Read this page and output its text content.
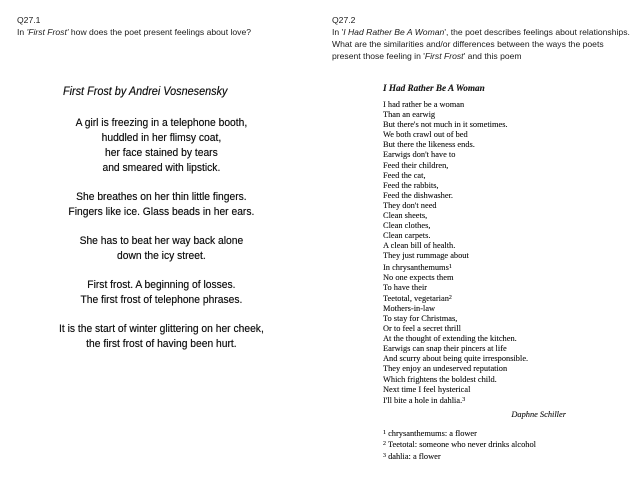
Q27.1
In 'First Frost' how does the poet present feelings about love?
Q27.2
In 'I Had Rather Be A Woman', the poet describes feelings about relationships. What are the similarities and/or differences between the ways the poets present those feeling in 'First Frost' and this poem
First Frost by Andrei Vosnesensky
A girl is freezing in a telephone booth,
huddled in her flimsy coat,
her face stained by tears
and smeared with lipstick.
She breathes on her thin little fingers.
Fingers like ice. Glass beads in her ears.
She has to beat her way back alone
down the icy street.
First frost. A beginning of losses.
The first frost of telephone phrases.
It is the start of winter glittering on her cheek,
the first frost of having been hurt.
I Had Rather Be A Woman
I had rather be a woman
Than an earwig
But there's not much in it sometimes.
We both crawl out of bed
But there the likeness ends.
Earwigs don't have to
Feed their children,
Feed the cat,
Feed the rabbits,
Feed the dishwasher.
They don't need
Clean sheets,
Clean clothes,
Clean carpets.
A clean bill of health.
They just rummage about
In chrysanthemums$^1$
No one expects them
To have their
Teetotal, vegetarian$^2$
Mothers-in-law
To stay for Christmas,
Or to feel a secret thrill
At the thought of extending the kitchen.
Earwigs can snap their pincers at life
And scurry about being quite irresponsible.
They enjoy an undeserved reputation
Which frightens the boldest child.
Next time I feel hysterical
I'll bite a hole in dahlia.$^3$
Daphne Schiller
$^1$ chrysanthemums: a flower
$^2$ Teetotal: someone who never drinks alcohol
$^3$ dahlia: a flower
